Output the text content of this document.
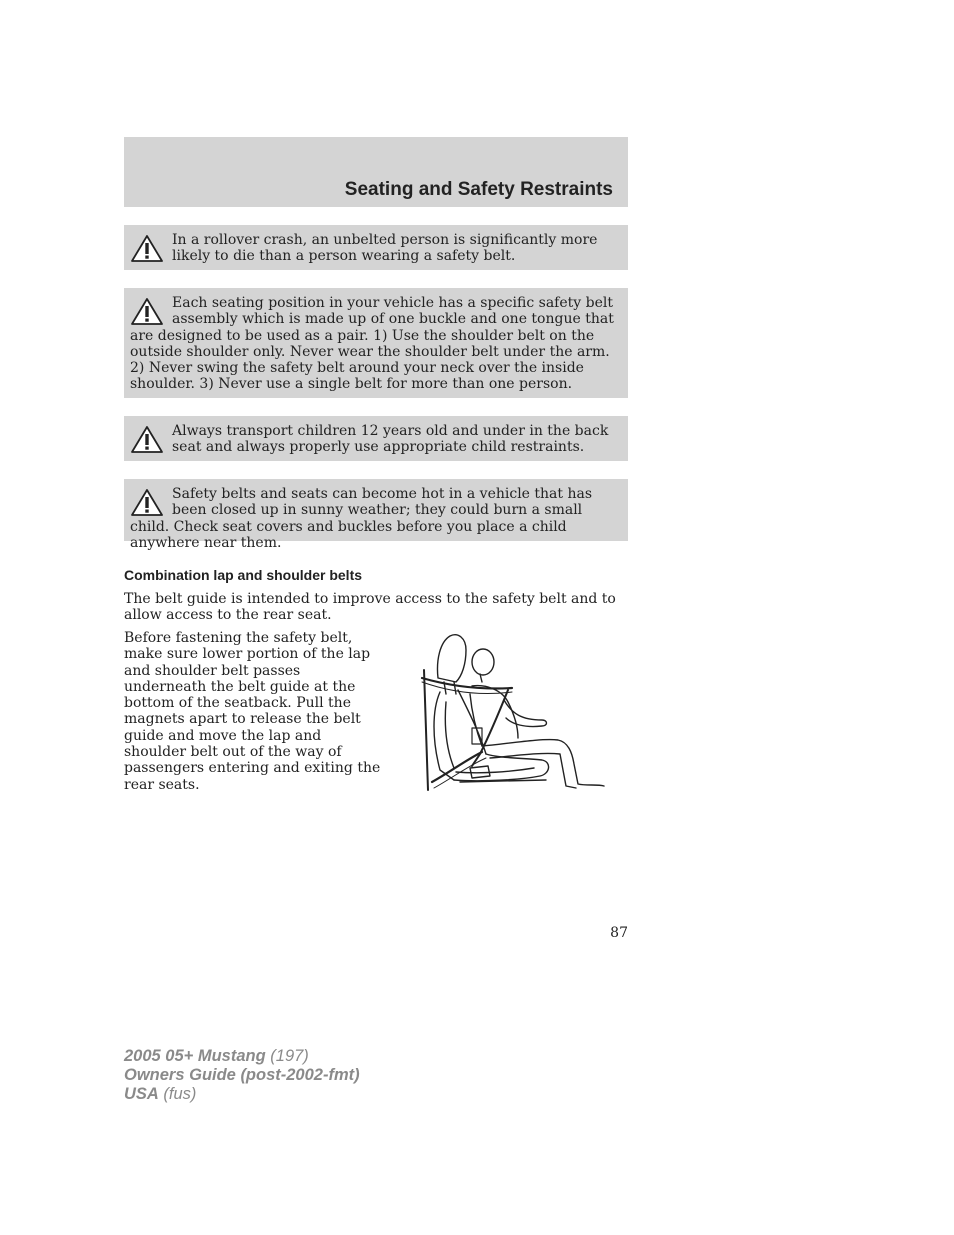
Seating and Safety Restraints
In a rollover crash, an unbelted person is significantly more likely to die than a person wearing a safety belt.
Each seating position in your vehicle has a specific safety belt assembly which is made up of one buckle and one tongue that are designed to be used as a pair. 1) Use the shoulder belt on the outside shoulder only. Never wear the shoulder belt under the arm. 2) Never swing the safety belt around your neck over the inside shoulder. 3) Never use a single belt for more than one person.
Always transport children 12 years old and under in the back seat and always properly use appropriate child restraints.
Safety belts and seats can become hot in a vehicle that has been closed up in sunny weather; they could burn a small child. Check seat covers and buckles before you place a child anywhere near them.
Combination lap and shoulder belts

The belt guide is intended to improve access to the safety belt and to allow access to the rear seat.

Before fastening the safety belt, make sure lower portion of the lap and shoulder belt passes underneath the belt guide at the bottom of the seatback. Pull the magnets apart to release the belt guide and move the lap and shoulder belt out of the way of passengers entering and exiting the rear seats.

87
2005 05+ Mustang (197)
Owners Guide (post-2002-fmt)
USA (fus)
